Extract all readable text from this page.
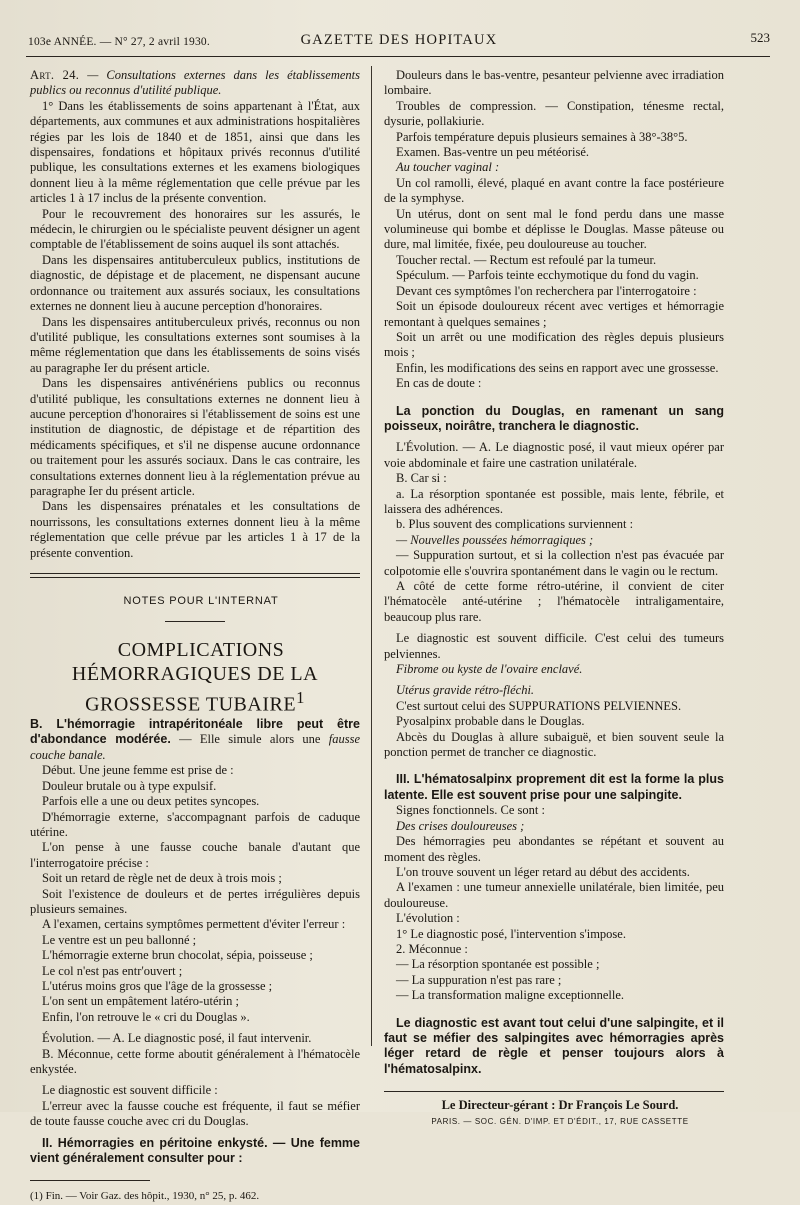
103e ANNÉE. — N° 27, 2 avril 1930.	GAZETTE DES HOPITAUX	523

Art. 24. — Consultations externes dans les établissements publics ou reconnus d'utilité publique.

1° Dans les établissements de soins appartenant à l'État, aux départements, aux communes et aux administrations hospitalières régies par les lois de 1840 et de 1851, ainsi que dans les dispensaires, fondations et hôpitaux privés reconnus d'utilité publique, les consultations externes et les examens biologiques donnent lieu à la même réglementation que celle prévue par les articles 1 à 17 inclus de la présente convention.

Pour le recouvrement des honoraires sur les assurés, le médecin, le chirurgien ou le spécialiste peuvent désigner un agent comptable de l'établissement de soins auquel ils sont attachés.

Dans les dispensaires antituberculeux publics, institutions de diagnostic, de dépistage et de placement, ne dispensant aucune ordonnance ou traitement aux assurés sociaux, les consultations externes ne donnent lieu à aucune perception d'honoraires.

Dans les dispensaires antituberculeux privés, reconnus ou non d'utilité publique, les consultations externes sont soumises à la même réglementation que dans les établissements de soins visés au paragraphe Ier du présent article.

Dans les dispensaires antivénériens publics ou reconnus d'utilité publique, les consultations externes ne donnent lieu à aucune perception d'honoraires si l'établissement de soins est une institution de diagnostic, de dépistage et de répartition des médicaments spécifiques, et s'il ne dispense aucune ordonnance ou traitement pour les assurés sociaux. Dans le cas contraire, les consultations externes donnent lieu à la réglementation prévue au paragraphe Ier du présent article.

Dans les dispensaires prénatales et les consultations de nourrissons, les consultations externes donnent lieu à la même réglementation que celle prévue par les articles 1 à 17 de la présente convention.

NOTES POUR L'INTERNAT

COMPLICATIONS HÉMORRAGIQUES DE LA GROSSESSE TUBAIRE$^1$

B. L'hémorragie intrapéritonéale libre peut être d'abondance modérée. — Elle simule alors une fausse couche banale.

Début. Une jeune femme est prise de :

Douleur brutale ou à type expulsif.

Parfois elle a une ou deux petites syncopes.

D'hémorragie externe, s'accompagnant parfois de caduque utérine.

L'on pense à une fausse couche banale d'autant que l'interrogatoire précise :

Soit un retard de règle net de deux à trois mois ;

Soit l'existence de douleurs et de pertes irrégulières depuis plusieurs semaines.

A l'examen, certains symptômes permettent d'éviter l'erreur :

Le ventre est un peu ballonné ;

L'hémorragie externe brun chocolat, sépia, poisseuse ;

Le col n'est pas entr'ouvert ;

L'utérus moins gros que l'âge de la grossesse ;

L'on sent un empâtement latéro-utérin ;

Enfin, l'on retrouve le « cri du Douglas ».

Évolution. — A. Le diagnostic posé, il faut intervenir.

B. Méconnue, cette forme aboutit généralement à l'hématocèle enkystée.

Le diagnostic est souvent difficile :

L'erreur avec la fausse couche est fréquente, il faut se méfier de toute fausse couche avec cri du Douglas.

II. Hémorragies en péritoine enkysté. — Une femme vient généralement consulter pour :

(1) Fin. — Voir Gaz. des hôpit., 1930, n° 25, p. 462.

Douleurs dans le bas-ventre, pesanteur pelvienne avec irradiation lombaire.

Troubles de compression. — Constipation, ténesme rectal, dysurie, pollakiurie.

Parfois température depuis plusieurs semaines à 38°-38°5.

Examen. Bas-ventre un peu météorisé.

Au toucher vaginal :

Un col ramolli, élevé, plaqué en avant contre la face postérieure de la symphyse.

Un utérus, dont on sent mal le fond perdu dans une masse volumineuse qui bombe et déplisse le Douglas. Masse pâteuse ou dure, mal limitée, fixée, peu douloureuse au toucher.

Toucher rectal. — Rectum est refoulé par la tumeur.

Spéculum. — Parfois teinte ecchymotique du fond du vagin.

Devant ces symptômes l'on recherchera par l'interrogatoire :

Soit un épisode douloureux récent avec vertiges et hémorragie remontant à quelques semaines ;

Soit un arrêt ou une modification des règles depuis plusieurs mois ;

Enfin, les modifications des seins en rapport avec une grossesse.

En cas de doute :

La ponction du Douglas, en ramenant un sang poisseux, noirâtre, tranchera le diagnostic.

L'Évolution. — A. Le diagnostic posé, il vaut mieux opérer par voie abdominale et faire une castration unilatérale.

B. Car si :

a. La résorption spontanée est possible, mais lente, fébrile, et laissera des adhérences.

b. Plus souvent des complications surviennent :

— Nouvelles poussées hémorragiques ;

— Suppuration surtout, et si la collection n'est pas évacuée par colpotomie elle s'ouvrira spontanément dans le vagin ou le rectum.

A côté de cette forme rétro-utérine, il convient de citer l'hématocèle anté-utérine ; l'hématocèle intraligamentaire, beaucoup plus rare.

Le diagnostic est souvent difficile. C'est celui des tumeurs pelviennes.

Fibrome ou kyste de l'ovaire enclavé.

Utérus gravide rétro-fléchi.

C'est surtout celui des SUPPURATIONS PELVIENNES.

Pyosalpinx probable dans le Douglas.

Abcès du Douglas à allure subaiguë, et bien souvent seule la ponction permet de trancher ce diagnostic.

III. L'hématosalpinx proprement dit est la forme la plus latente. Elle est souvent prise pour une salpingite.

Signes fonctionnels. Ce sont :

Des crises douloureuses ;

Des hémorragies peu abondantes se répétant et souvent au moment des règles.

L'on trouve souvent un léger retard au début des accidents.

A l'examen : une tumeur annexielle unilatérale, bien limitée, peu douloureuse.

L'évolution :

1° Le diagnostic posé, l'intervention s'impose.

2. Méconnue :

— La résorption spontanée est possible ;

— La suppuration n'est pas rare ;

— La transformation maligne exceptionnelle.

Le diagnostic est avant tout celui d'une salpingite, et il faut se méfier des salpingites avec hémorragies après léger retard de règle et penser toujours alors à l'hématosalpinx.

Le Directeur-gérant : Dr François Le Sourd.

PARIS. — SOC. GÉN. D'IMP. ET D'ÉDIT., 17, RUE CASSETTE
